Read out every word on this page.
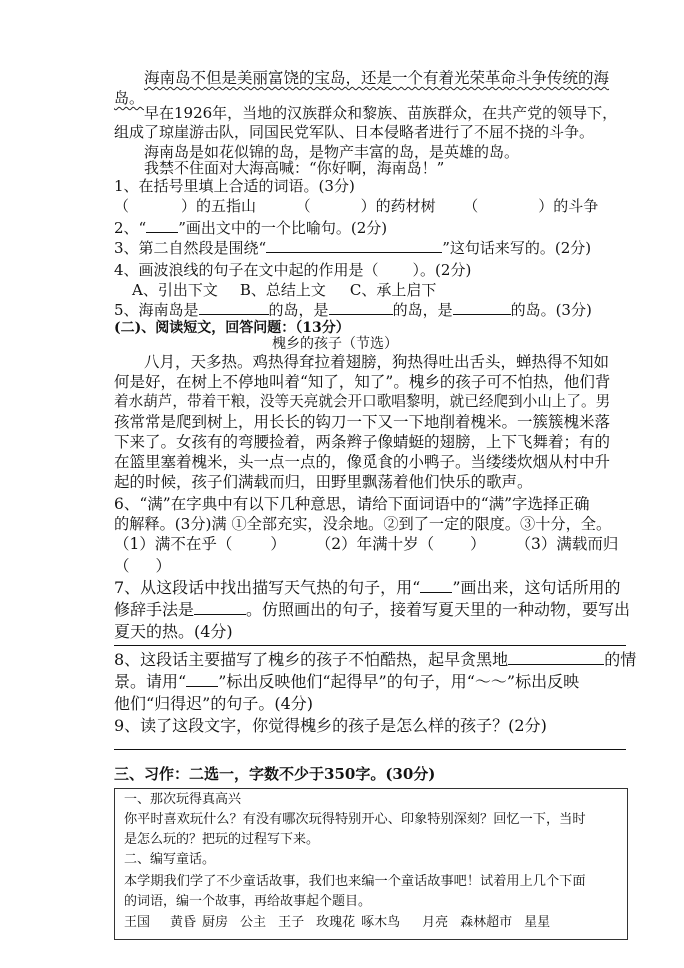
海南岛不但是美丽富饶的宝岛，还是一个有着光荣革命斗争传统的海
岛。
早在1926年，当地的汉族群众和黎族、苗族群众，在共产党的领导下，
组成了琼崖游击队，同国民党军队、日本侵略者进行了不屈不挠的斗争。
海南岛是如花似锦的岛，是物产丰富的岛，是英雄的岛。
我禁不住面对大海高喊：“你好啊，海南岛！”
1、在括号里填上合适的词语。(3分)
（	）的五指山	（	）的药材树 （	）的斗争
2、“ ”画出文中的一个比喻句。(2分)
3、第二自然段是围绕“	”这句话来写的。(2分)
4、画波浪线的句子在文中起的作用是（ ）。(2分)
A、引出下文 B、总结上文 C、承上启下
5、海南岛是	的岛，是	的岛，是	的岛。(3分)
(二)、阅读短文，回答问题：（13分）
槐乡的孩子（节选）
八月，天多热。鸡热得耷拉着翅膀，狗热得吐出舌头，蝉热得不知如
何是好，在树上不停地叫着“知了，知了”。槐乡的孩子可不怕热，他们背
着水葫芦，带着干粮，没等天亮就会开口歌唱黎明，就已经爬到小山上了。男
孩常常是爬到树上，用长长的钩刀一下又一下地削着槐米。一簇簇槐米落
下来了。女孩有的弯腰捡着，两条辫子像蜻蜓的翅膀，上下飞舞着；有的
在篮里塞着槐米，头一点一点的，像觅食的小鸭子。当缕缕炊烟从村中升
起的时候，孩子们满载而归，田野里飘荡着他们快乐的歌声。
6、“满”在字典中有以下几种意思，请给下面词语中的“满”字选择正确
的解释。(3分)满 ①全部充实，没余地。②到了一定的限度。③十分，全。
（1）满不在乎（ ） （2）年满十岁（ ） （3）满载而归
（ ）
7、从这段话中找出描写天气热的句子，用“ ”画出来，这句话所用的
修辞手法是	。仿照画出的句子，接着写夏天里的一种动物，要写出
夏天的热。(4分)
8、这段话主要描写了槐乡的孩子不怕酷热，起早贪黑地	的情
景。请用“ ”标出反映他们“起得早”的句子，用“～～”标出反映
他们“归得迟”的句子。(4分)
9、读了这段文字，你觉得槐乡的孩子是怎么样的孩子？(2分)
三、习作：二选一，字数不少于350字。(30分)
一、那次玩得真高兴
你平时喜欢玩什么？有没有哪次玩得特别开心、印象特别深刻？回忆一下，当时
是怎么玩的？把玩的过程写下来。
二、编写童话。
本学期我们学了不少童话故事，我们也来编一个童话故事吧！试着用上几个下面
的词语，编一个故事，再给故事起个题目。
王国 黄昏 厨房 公主 王子 玫瑰花 啄木鸟 月亮 森林超市 星星
